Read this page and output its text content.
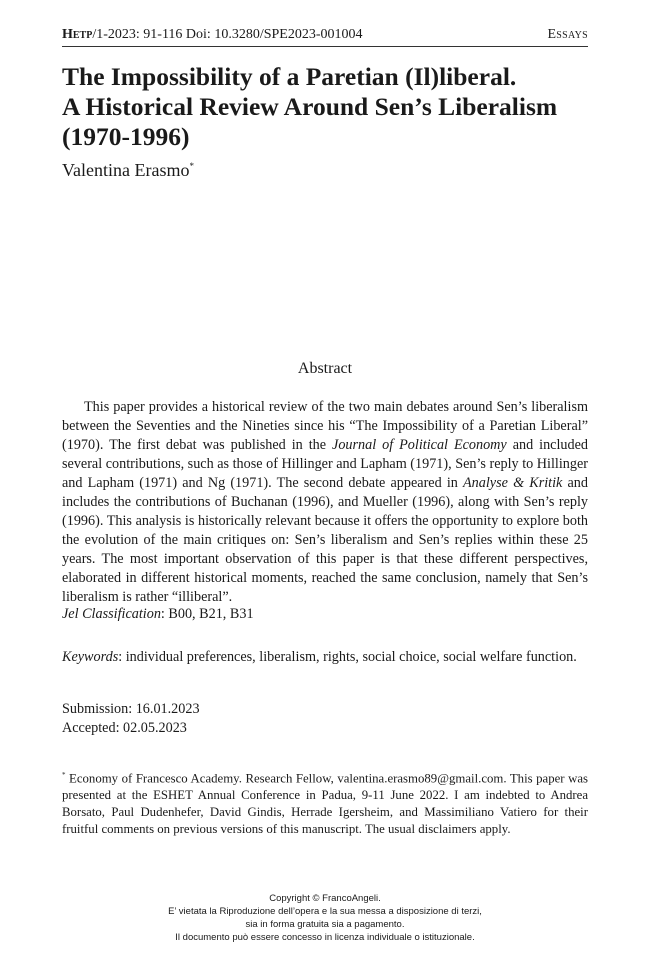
Hetp/1-2023: 91-116 Doi: 10.3280/SPE2023-001004	Essays
The Impossibility of a Paretian (Il)liberal.
A Historical Review Around Sen’s Liberalism
(1970-1996)
Valentina Erasmo*
Abstract

This paper provides a historical review of the two main debates around Sen’s liberalism between the Seventies and the Nineties since his “The Impossibility of a Paretian Liberal” (1970). The first debat was published in the Journal of Political Economy and included several contributions, such as those of Hillinger and Lapham (1971), Sen’s reply to Hillinger and Lapham (1971) and Ng (1971). The second debate appeared in Analyse & Kritik and includes the contributions of Buchanan (1996), and Mueller (1996), along with Sen’s reply (1996). This analysis is historically relevant because it offers the opportunity to explore both the evolution of the main critiques on: Sen’s liberalism and Sen’s replies within these 25 years. The most important observation of this paper is that these different perspectives, elaborated in different historical moments, reached the same conclusion, namely that Sen’s liberalism is rather “illiberal”.

Jel Classification: B00, B21, B31

Keywords: individual preferences, liberalism, rights, social choice, social welfare function.

Submission: 16.01.2023
Accepted: 02.05.2023

* Economy of Francesco Academy. Research Fellow, valentina.erasmo89@gmail.com. This paper was presented at the ESHET Annual Conference in Padua, 9-11 June 2022. I am indebted to Andrea Borsato, Paul Dudenhefer, David Gindis, Herrade Igersheim, and Massimiliano Vatiero for their fruitful comments on previous versions of this manuscript. The usual disclaimers apply.

Copyright © FrancoAngeli.
E’ vietata la Riproduzione dell’opera e la sua messa a disposizione di terzi,
sia in forma gratuita sia a pagamento.
Il documento può essere concesso in licenza individuale o istituzionale.
